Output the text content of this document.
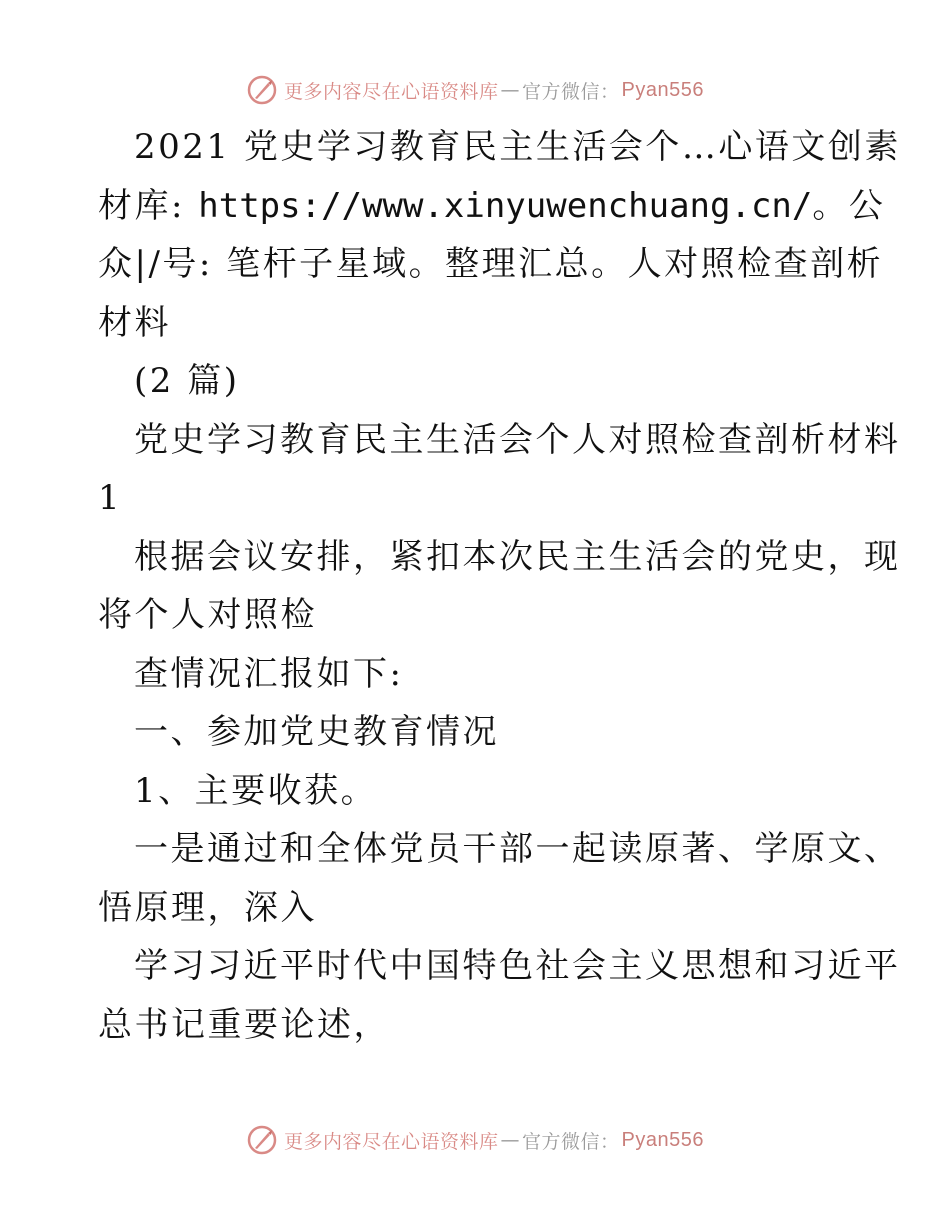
更多内容尽在心语资料库 — 官方微信： Pyan556
2021 党史学习教育民主生活会个…心语文创素
材库: https://www.xinyuwenchuang.cn/。公
众|/号: 笔杆子星域。整理汇总。人对照检查剖析
材料
(2 篇)
党史学习教育民主生活会个人对照检查剖析材料
1
根据会议安排，紧扣本次民主生活会的党史，现
将个人对照检
查情况汇报如下:
一、参加党史教育情况
1、主要收获。
一是通过和全体党员干部一起读原著、学原文、
悟原理，深入
学习习近平时代中国特色社会主义思想和习近平
总书记重要论述，
更多内容尽在心语资料库 — 官方微信： Pyan556
